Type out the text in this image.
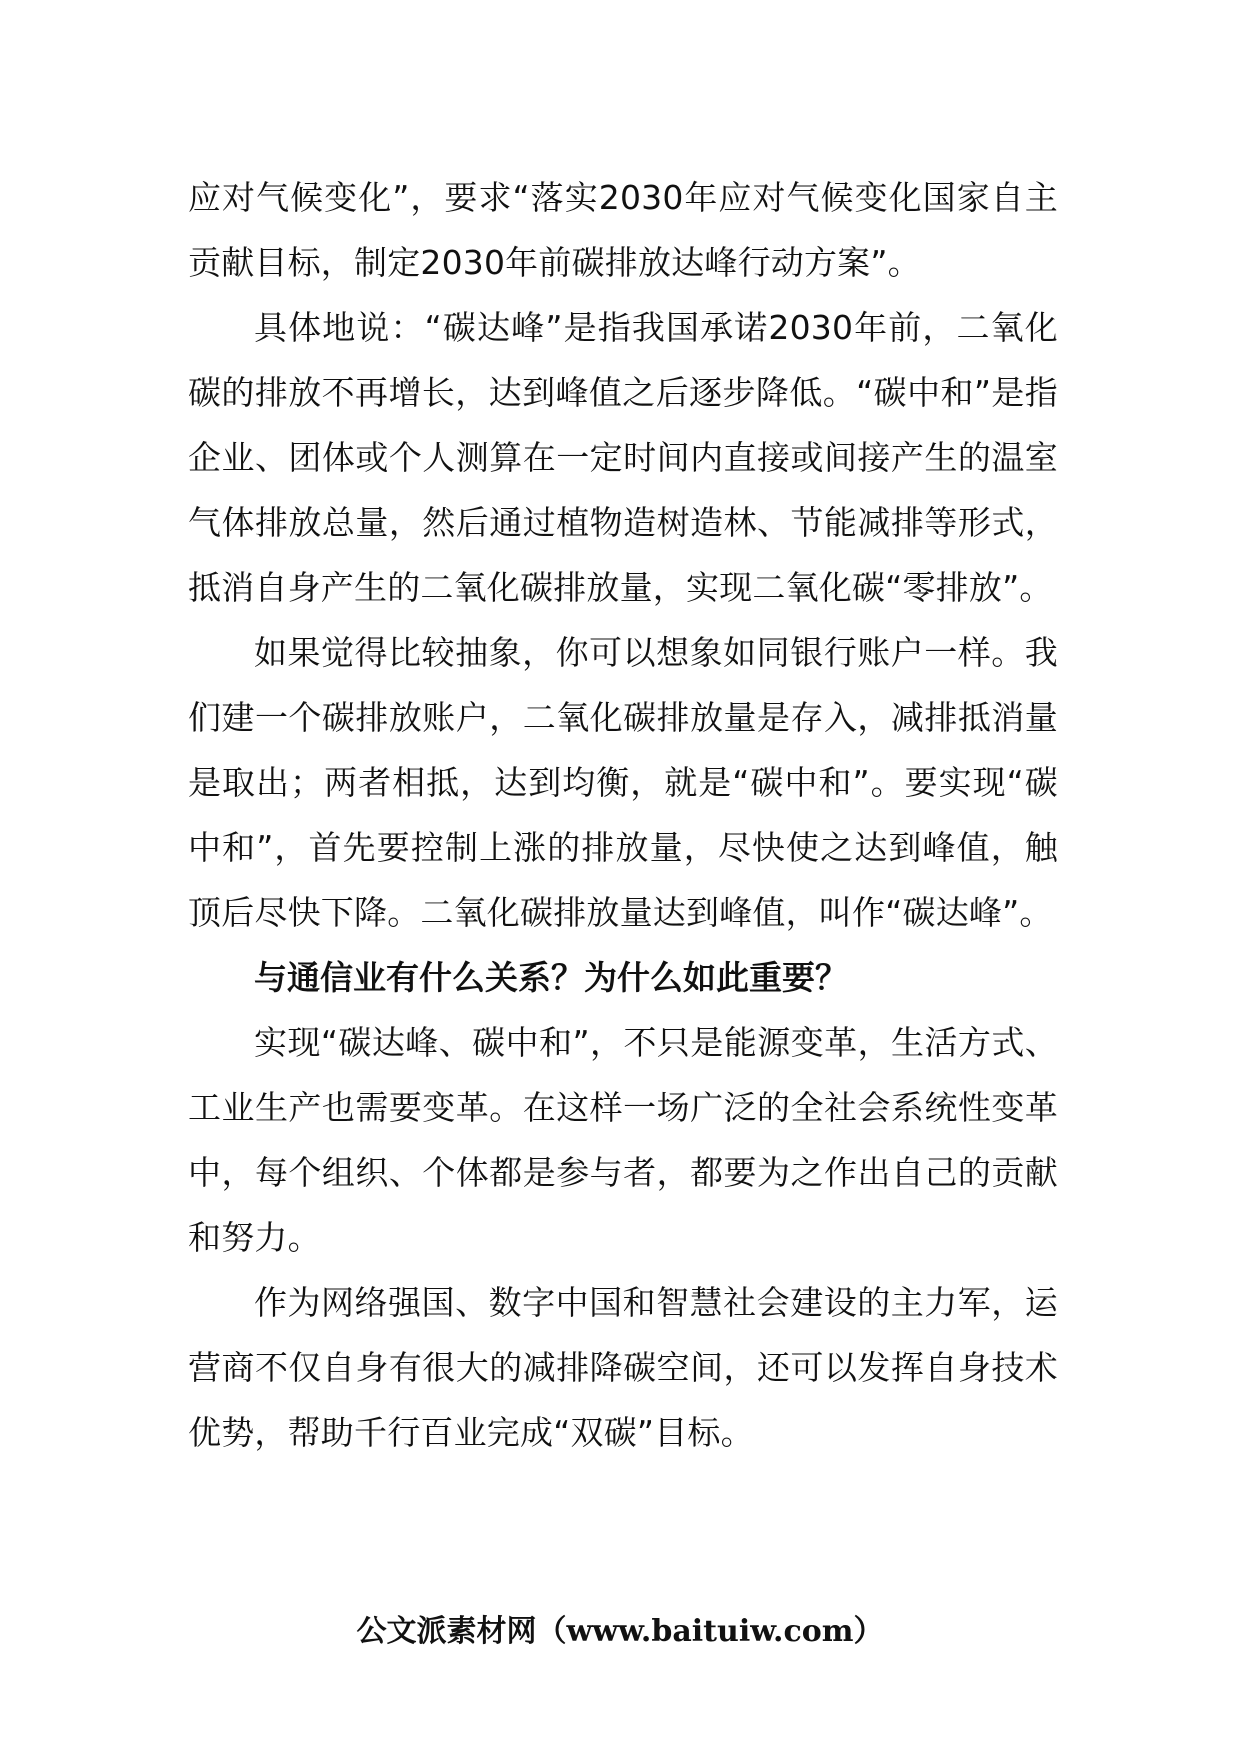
应对气候变化”，要求“落实2030年应对气候变化国家自主贡献目标，制定2030年前碳排放达峰行动方案”。

具体地说：“碳达峰”是指我国承诺2030年前，二氧化碳的排放不再增长，达到峰值之后逐步降低。“碳中和”是指企业、团体或个人测算在一定时间内直接或间接产生的温室气体排放总量，然后通过植物造树造林、节能减排等形式，抵消自身产生的二氧化碳排放量，实现二氧化碳“零排放”。

如果觉得比较抽象，你可以想象如同银行账户一样。我们建一个碳排放账户，二氧化碳排放量是存入，减排抵消量是取出；两者相抵，达到均衡，就是“碳中和”。要实现“碳中和”，首先要控制上涨的排放量，尽快使之达到峰值，触顶后尽快下降。二氧化碳排放量达到峰值，叫作“碳达峰”。

与通信业有什么关系？为什么如此重要？

实现“碳达峰、碳中和”，不只是能源变革，生活方式、工业生产也需要变革。在这样一场广泛的全社会系统性变革中，每个组织、个体都是参与者，都要为之作出自己的贡献和努力。

作为网络强国、数字中国和智慧社会建设的主力军，运营商不仅自身有很大的减排降碳空间，还可以发挥自身技术优势，帮助千行百业完成“双碳”目标。

公文派素材网（www.baituiw.com）
